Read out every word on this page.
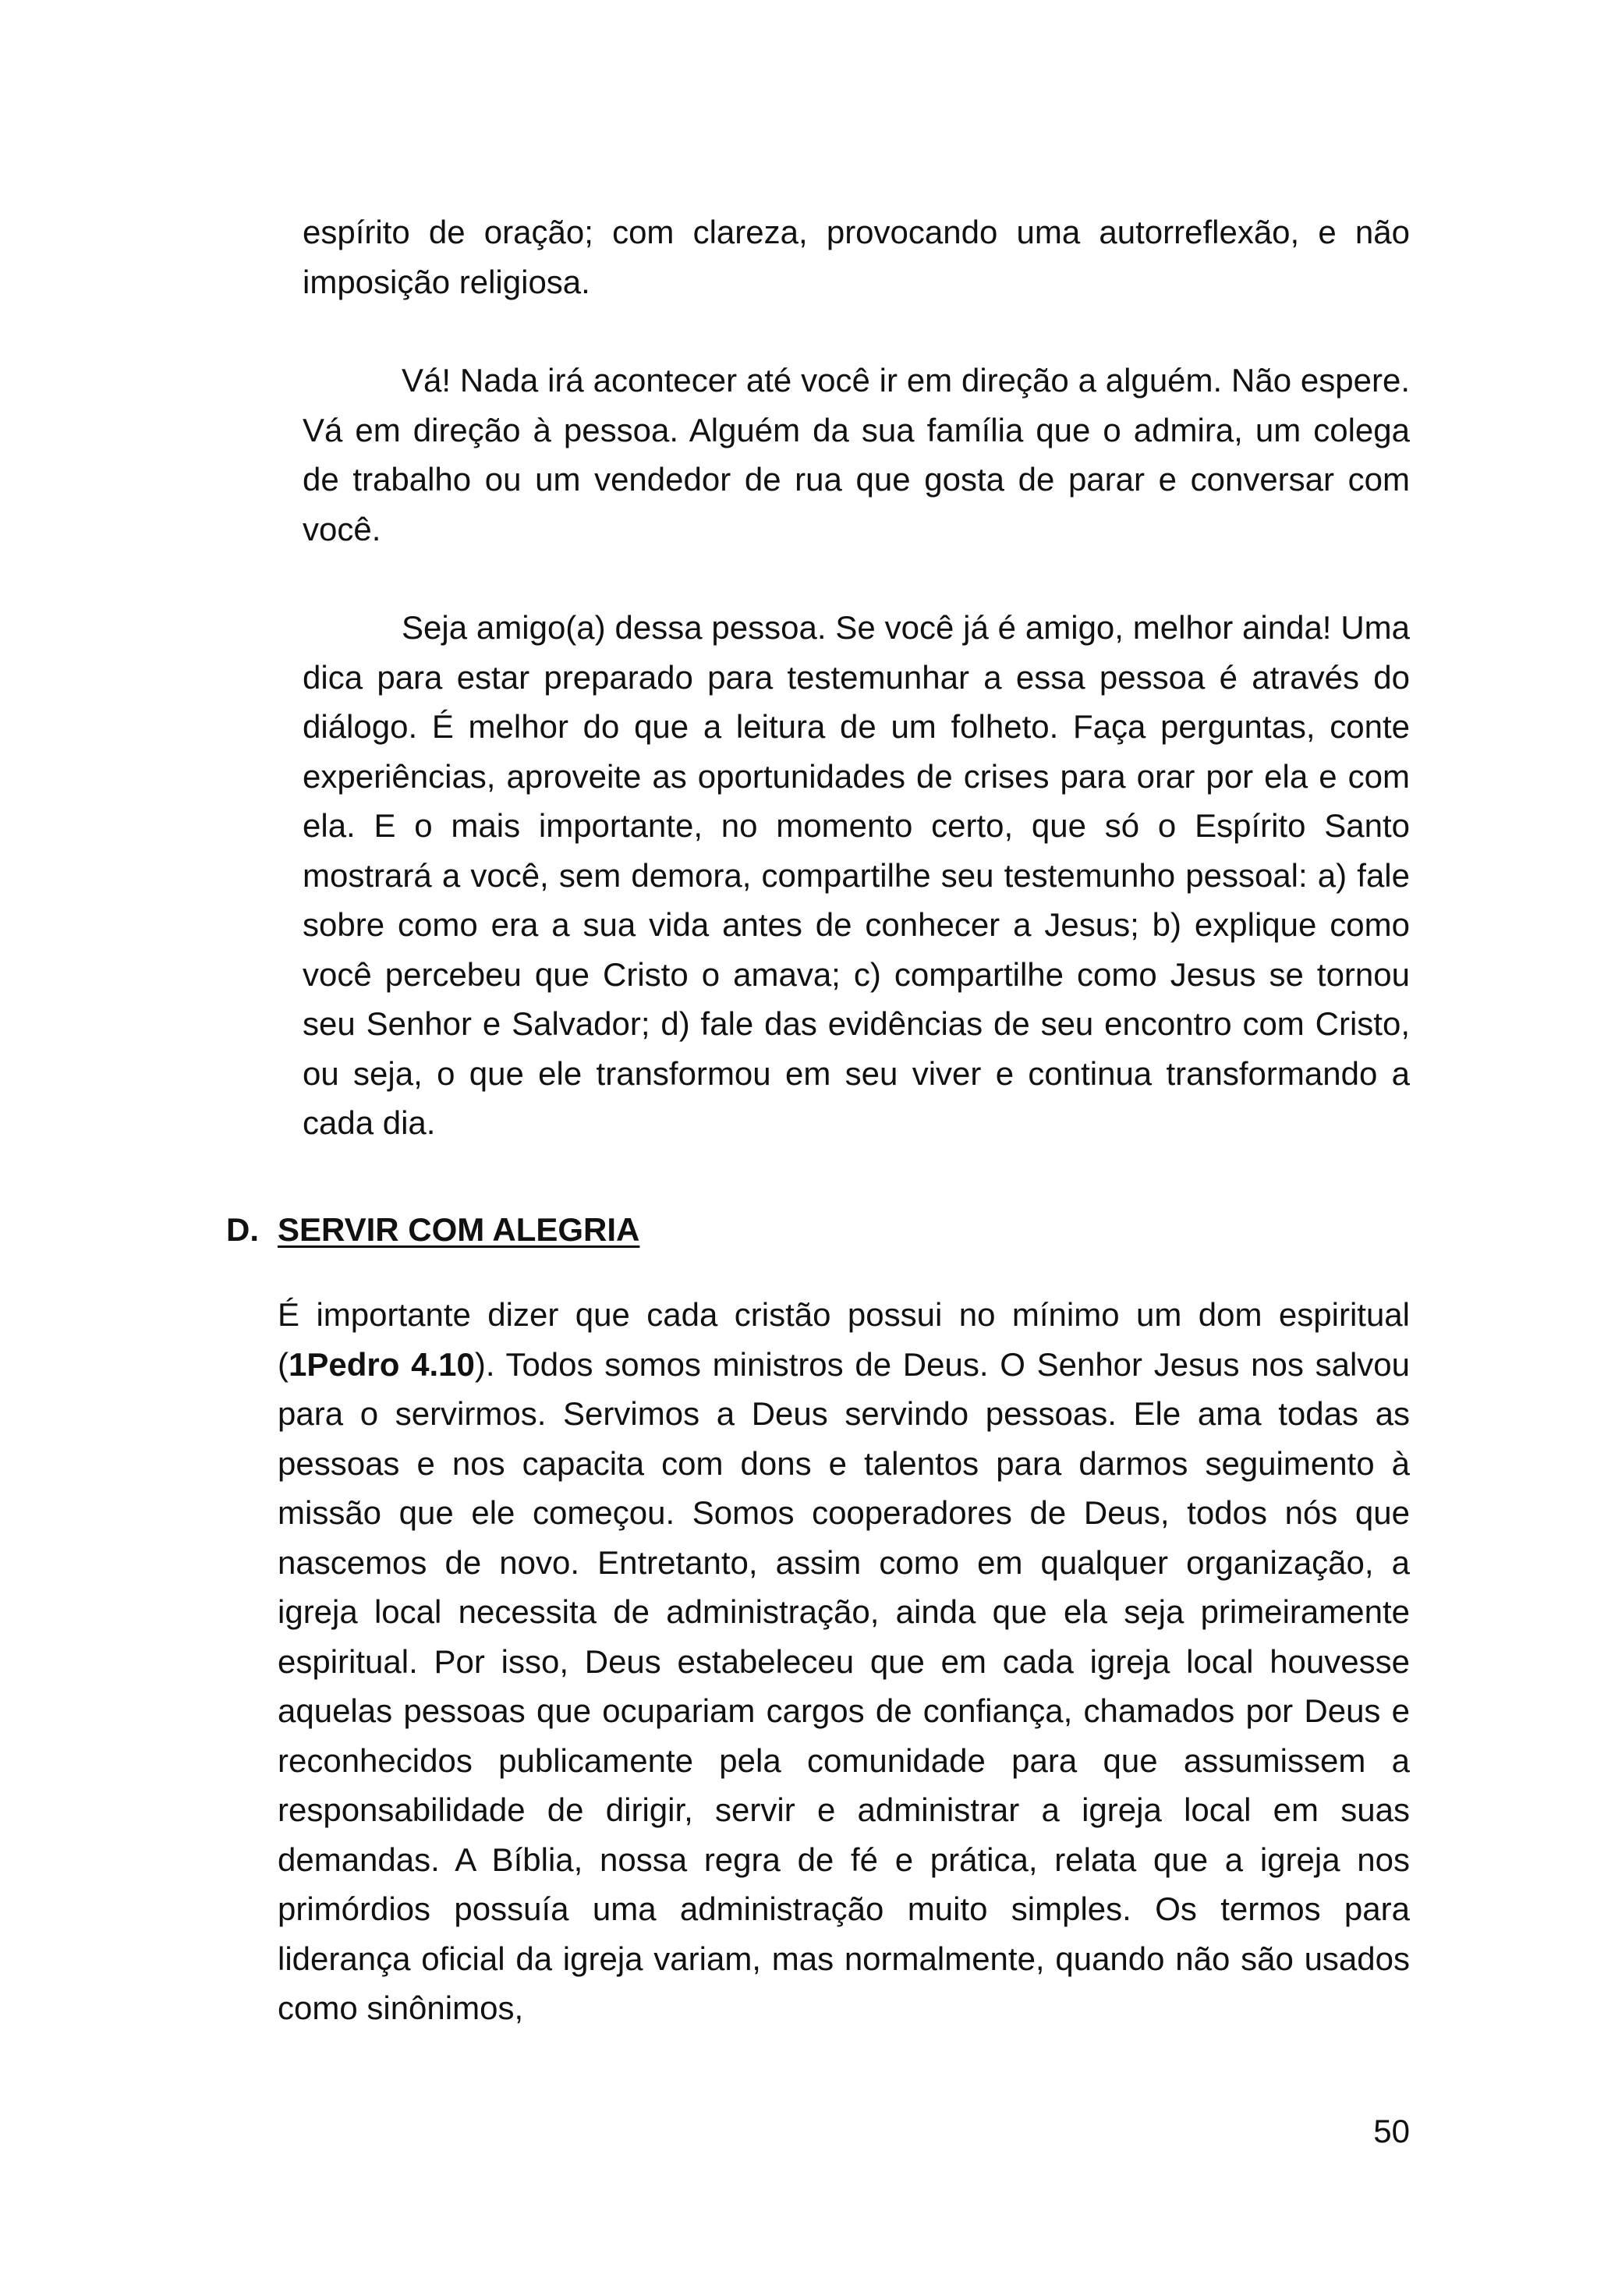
espírito de oração; com clareza, provocando uma autorreflexão, e não imposição religiosa.

Vá! Nada irá acontecer até você ir em direção a alguém. Não espere. Vá em direção à pessoa. Alguém da sua família que o admira, um colega de trabalho ou um vendedor de rua que gosta de parar e conversar com você.

Seja amigo(a) dessa pessoa. Se você já é amigo, melhor ainda! Uma dica para estar preparado para testemunhar a essa pessoa é através do diálogo. É melhor do que a leitura de um folheto. Faça perguntas, conte experiências, aproveite as oportunidades de crises para orar por ela e com ela. E o mais importante, no momento certo, que só o Espírito Santo mostrará a você, sem demora, compartilhe seu testemunho pessoal: a) fale sobre como era a sua vida antes de conhecer a Jesus; b) explique como você percebeu que Cristo o amava; c) compartilhe como Jesus se tornou seu Senhor e Salvador; d) fale das evidências de seu encontro com Cristo, ou seja, o que ele transformou em seu viver e continua transformando a cada dia.

D. SERVIR COM ALEGRIA

É importante dizer que cada cristão possui no mínimo um dom espiritual (1Pedro 4.10). Todos somos ministros de Deus. O Senhor Jesus nos salvou para o servirmos. Servimos a Deus servindo pessoas. Ele ama todas as pessoas e nos capacita com dons e talentos para darmos seguimento à missão que ele começou. Somos cooperadores de Deus, todos nós que nascemos de novo. Entretanto, assim como em qualquer organização, a igreja local necessita de administração, ainda que ela seja primeiramente espiritual. Por isso, Deus estabeleceu que em cada igreja local houvesse aquelas pessoas que ocupariam cargos de confiança, chamados por Deus e reconhecidos publicamente pela comunidade para que assumissem a responsabilidade de dirigir, servir e administrar a igreja local em suas demandas. A Bíblia, nossa regra de fé e prática, relata que a igreja nos primórdios possuía uma administração muito simples. Os termos para liderança oficial da igreja variam, mas normalmente, quando não são usados como sinônimos,

50
